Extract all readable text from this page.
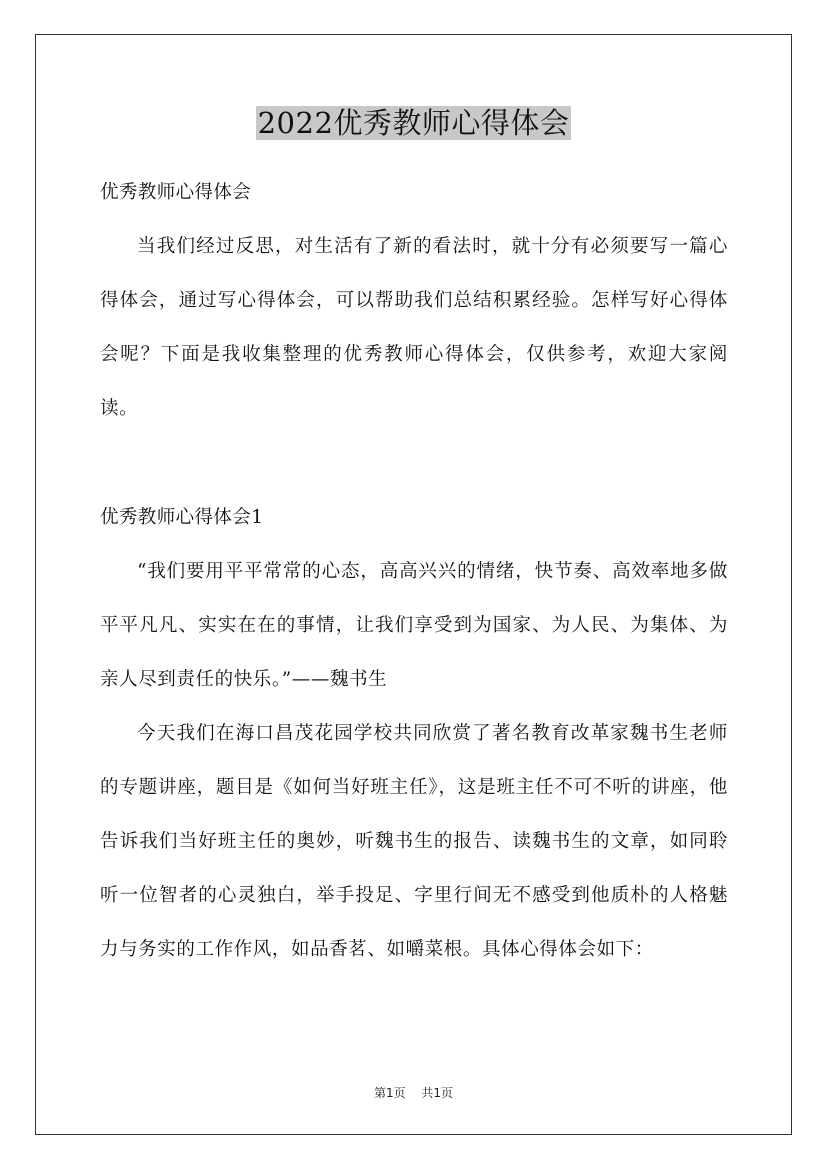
2022优秀教师心得体会

优秀教师心得体会

当我们经过反思，对生活有了新的看法时，就十分有必须要写一篇心得体会，通过写心得体会，可以帮助我们总结积累经验。怎样写好心得体会呢？下面是我收集整理的优秀教师心得体会，仅供参考，欢迎大家阅读。

优秀教师心得体会1

“我们要用平平常常的心态，高高兴兴的情绪，快节奏、高效率地多做平平凡凡、实实在在的事情，让我们享受到为国家、为人民、为集体、为亲人尽到责任的快乐。”——魏书生

今天我们在海口昌茂花园学校共同欣赏了著名教育改革家魏书生老师的专题讲座，题目是《如何当好班主任》，这是班主任不可不听的讲座，他告诉我们当好班主任的奥妙，听魏书生的报告、读魏书生的文章，如同聆听一位智者的心灵独白，举手投足、字里行间无不感受到他质朴的人格魅力与务实的工作作风，如品香茗、如嚼菜根。具体心得体会如下：

第1页 共1页
